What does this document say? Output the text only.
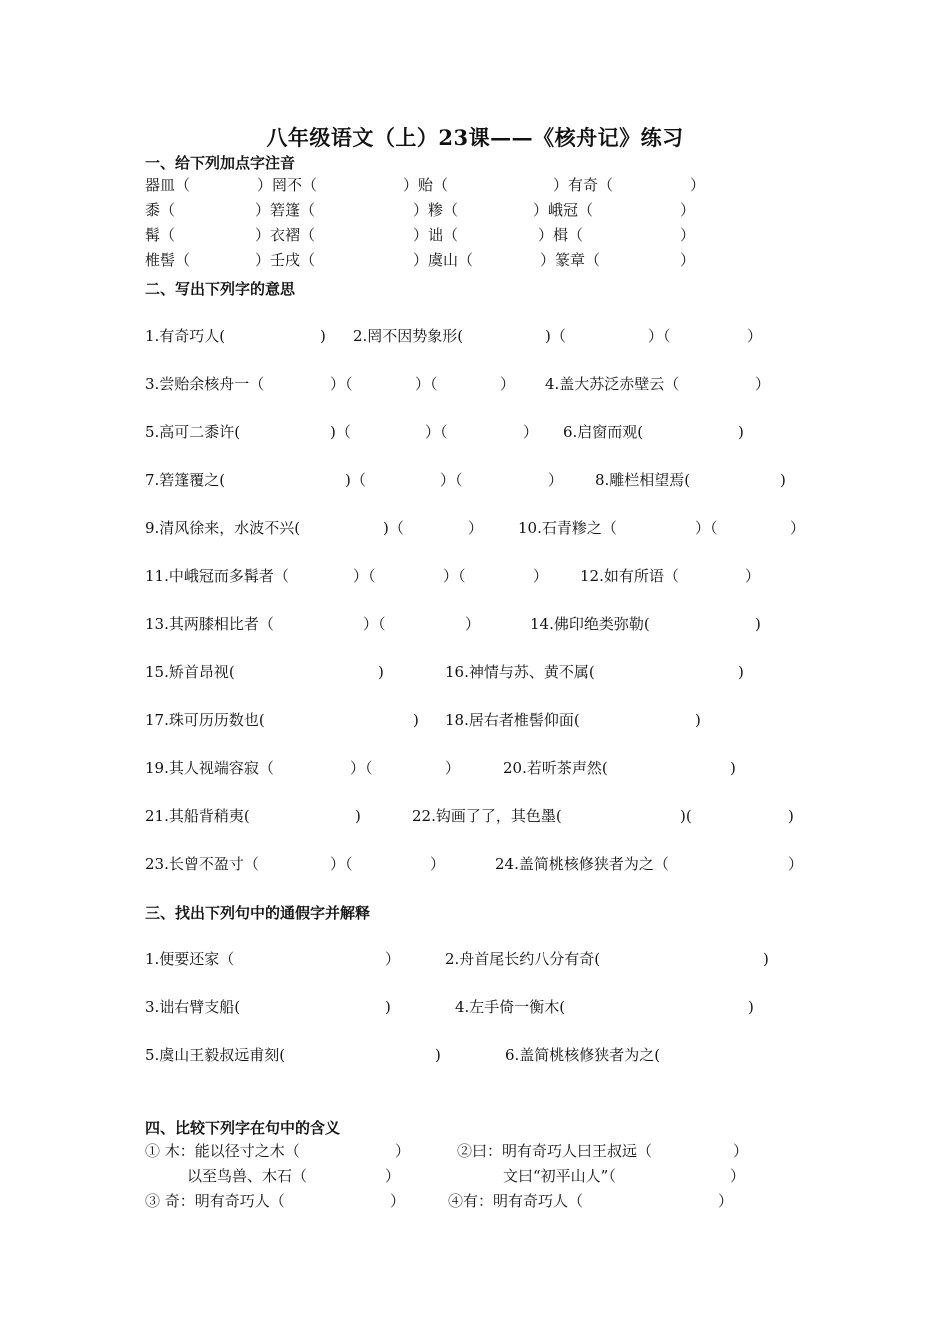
八年级语文（上）23课——《核舟记》练习
一、给下列加点字注音
器皿（	）罔不（	）贻（	）有奇（	）
黍（	）箬篷（	）糁（	）峨冠（	）
髯（	）衣褶（	）诎（	）楫（	）
椎髻（	）壬戌（	）虞山（	）篆章（	）
二、写出下列字的意思
1.有奇巧人(	) 2.罔不因势象形(	)（	）（	）
3.尝贻余核舟一（	）（	）（	） 4.盖大苏泛赤壁云（	）
5.高可二黍许(	)（	）（	） 6.启窗而观(	)
7.箬篷覆之(	)（	）（	） 8.雕栏相望焉(	)
9.清风徐来，水波不兴(	)（	） 10.石青糁之（	）（	）
11.中峨冠而多髯者（	）（	）（	） 12.如有所语（	）
13.其两膝相比者（	）（	）	14.佛印绝类弥勒(	)
15.矫首昂视(	)	16.神情与苏、黄不属(	)
17.珠可历历数也(	) 18.居右者椎髻仰面(	)
19.其人视端容寂（	）（	）	20.若听茶声然(	)
21.其船背稍夷(	)	22.钩画了了，其色墨(	)(	)
23.长曾不盈寸（	）（	）	24.盖简桃核修狭者为之（	）
三、找出下列句中的通假字并解释
1.便要还家（	）	2.舟首尾长约八分有奇(	)
3.诎右臂支船(	)	4.左手倚一衡木(	)
5.虞山王毅叔远甫刻(	)	6.盖简桃核修狭者为之(
四、比较下列字在句中的含义
① 木：能以径寸之木（	）	②曰：明有奇巧人曰王叔远（	）
以至鸟兽、木石（	）	文曰“初平山人”（	）
③ 奇：明有奇巧人（	）	④有：明有奇巧人（	）
